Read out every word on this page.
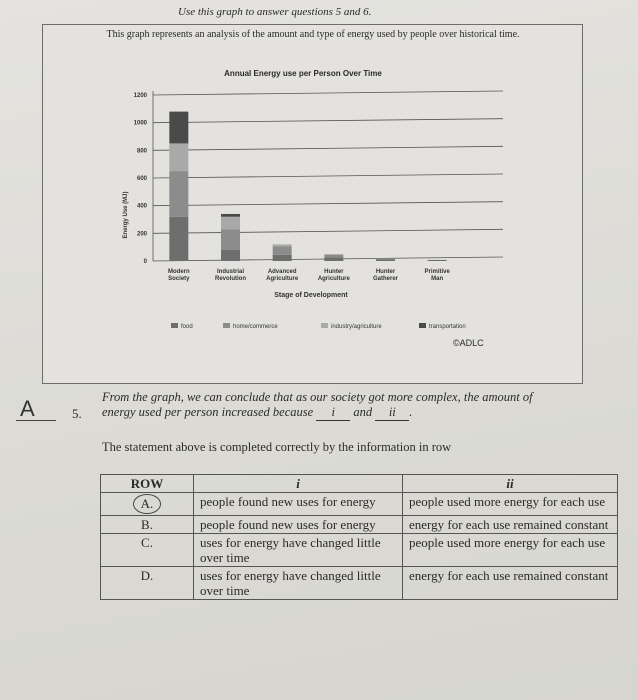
Use this graph to answer questions 5 and 6.
This graph represents an analysis of the amount and type of energy used by people over historical time.
Annual Energy use per Person Over Time
0
200
400
600
800
1000
1200
Modern
Society
Industrial
Revolution
Advanced
Agriculture
Hunter
Agriculture
Hunter
Gatherer
Primitive
Man
food	home/commerce	industry/agriculture	transportation
Energy Use (MJ)
Stage of Development
©ADLC
A	5.
From the graph, we can conclude that as our society got more complex, the amount of energy used per person increased because i and ii .
The statement above is completed correctly by the information in row
ROW	i	ii
A.	people found new uses for energy	people used more energy for each use
B.	people found new uses for energy	energy for each use remained constant
C.	uses for energy have changed little over time	people used more energy for each use
D.	uses for energy have changed little over time	energy for each use remained constant
